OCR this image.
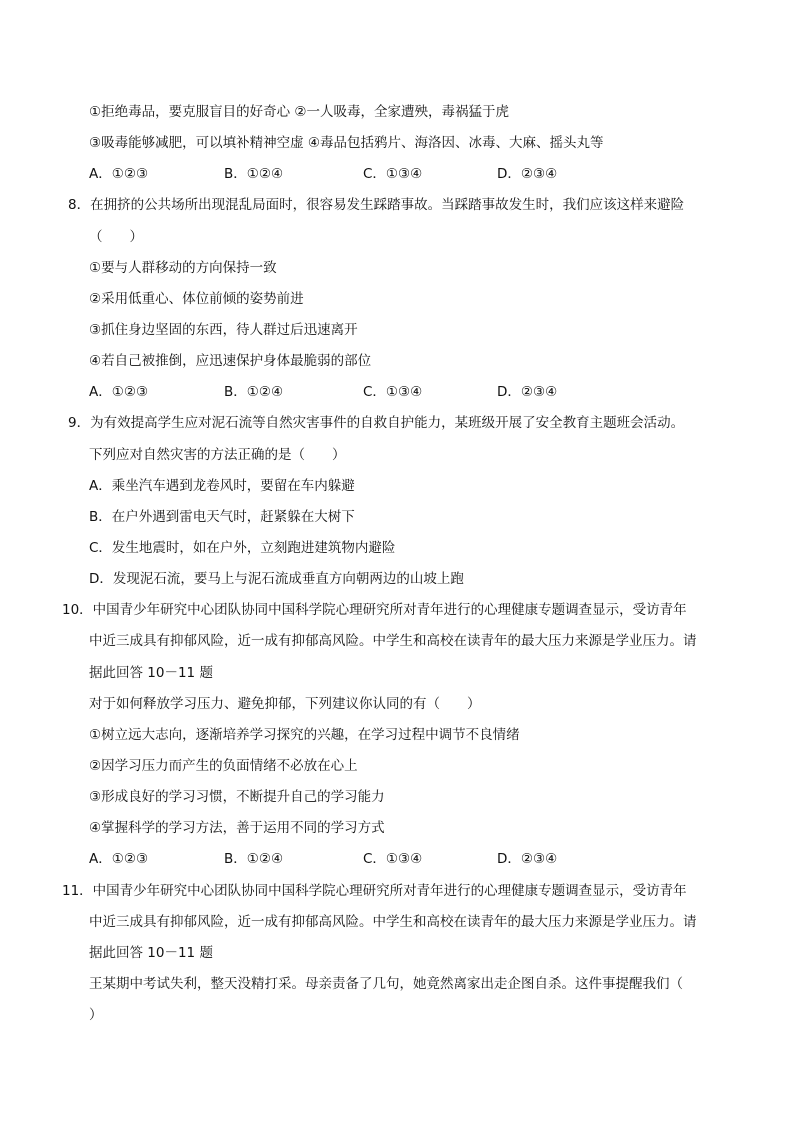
①拒绝毒品，要克服盲目的好奇心 ②一人吸毒，全家遭殃，毒祸猛于虎
③吸毒能够减肥，可以填补精神空虚 ④毒品包括鸦片、海洛因、冰毒、大麻、摇头丸等
A．①②③	B．①②④	C．①③④	D．②③④
8．在拥挤的公共场所出现混乱局面时，很容易发生踩踏事故。当踩踏事故发生时，我们应该这样来避险
（　　）
①要与人群移动的方向保持一致
②采用低重心、体位前倾的姿势前进
③抓住身边坚固的东西，待人群过后迅速离开
④若自己被推倒，应迅速保护身体最脆弱的部位
A．①②③	B．①②④	C．①③④	D．②③④
9．为有效提高学生应对泥石流等自然灾害事件的自救自护能力，某班级开展了安全教育主题班会活动。
下列应对自然灾害的方法正确的是（　　）
A．乘坐汽车遇到龙卷风时，要留在车内躲避
B．在户外遇到雷电天气时，赶紧躲在大树下
C．发生地震时，如在户外，立刻跑进建筑物内避险
D．发现泥石流，要马上与泥石流成垂直方向朝两边的山坡上跑
10．中国青少年研究中心团队协同中国科学院心理研究所对青年进行的心理健康专题调查显示，受访青年
中近三成具有抑郁风险，近一成有抑郁高风险。中学生和高校在读青年的最大压力来源是学业压力。请
据此回答 10－11 题
对于如何释放学习压力、避免抑郁，下列建议你认同的有（　　）
①树立远大志向，逐渐培养学习探究的兴趣，在学习过程中调节不良情绪
②因学习压力而产生的负面情绪不必放在心上
③形成良好的学习习惯，不断提升自己的学习能力
④掌握科学的学习方法，善于运用不同的学习方式
A．①②③	B．①②④	C．①③④	D．②③④
11．中国青少年研究中心团队协同中国科学院心理研究所对青年进行的心理健康专题调查显示，受访青年
中近三成具有抑郁风险，近一成有抑郁高风险。中学生和高校在读青年的最大压力来源是学业压力。请
据此回答 10－11 题
王某期中考试失利，整天没精打采。母亲责备了几句，她竟然离家出走企图自杀。这件事提醒我们（
）
